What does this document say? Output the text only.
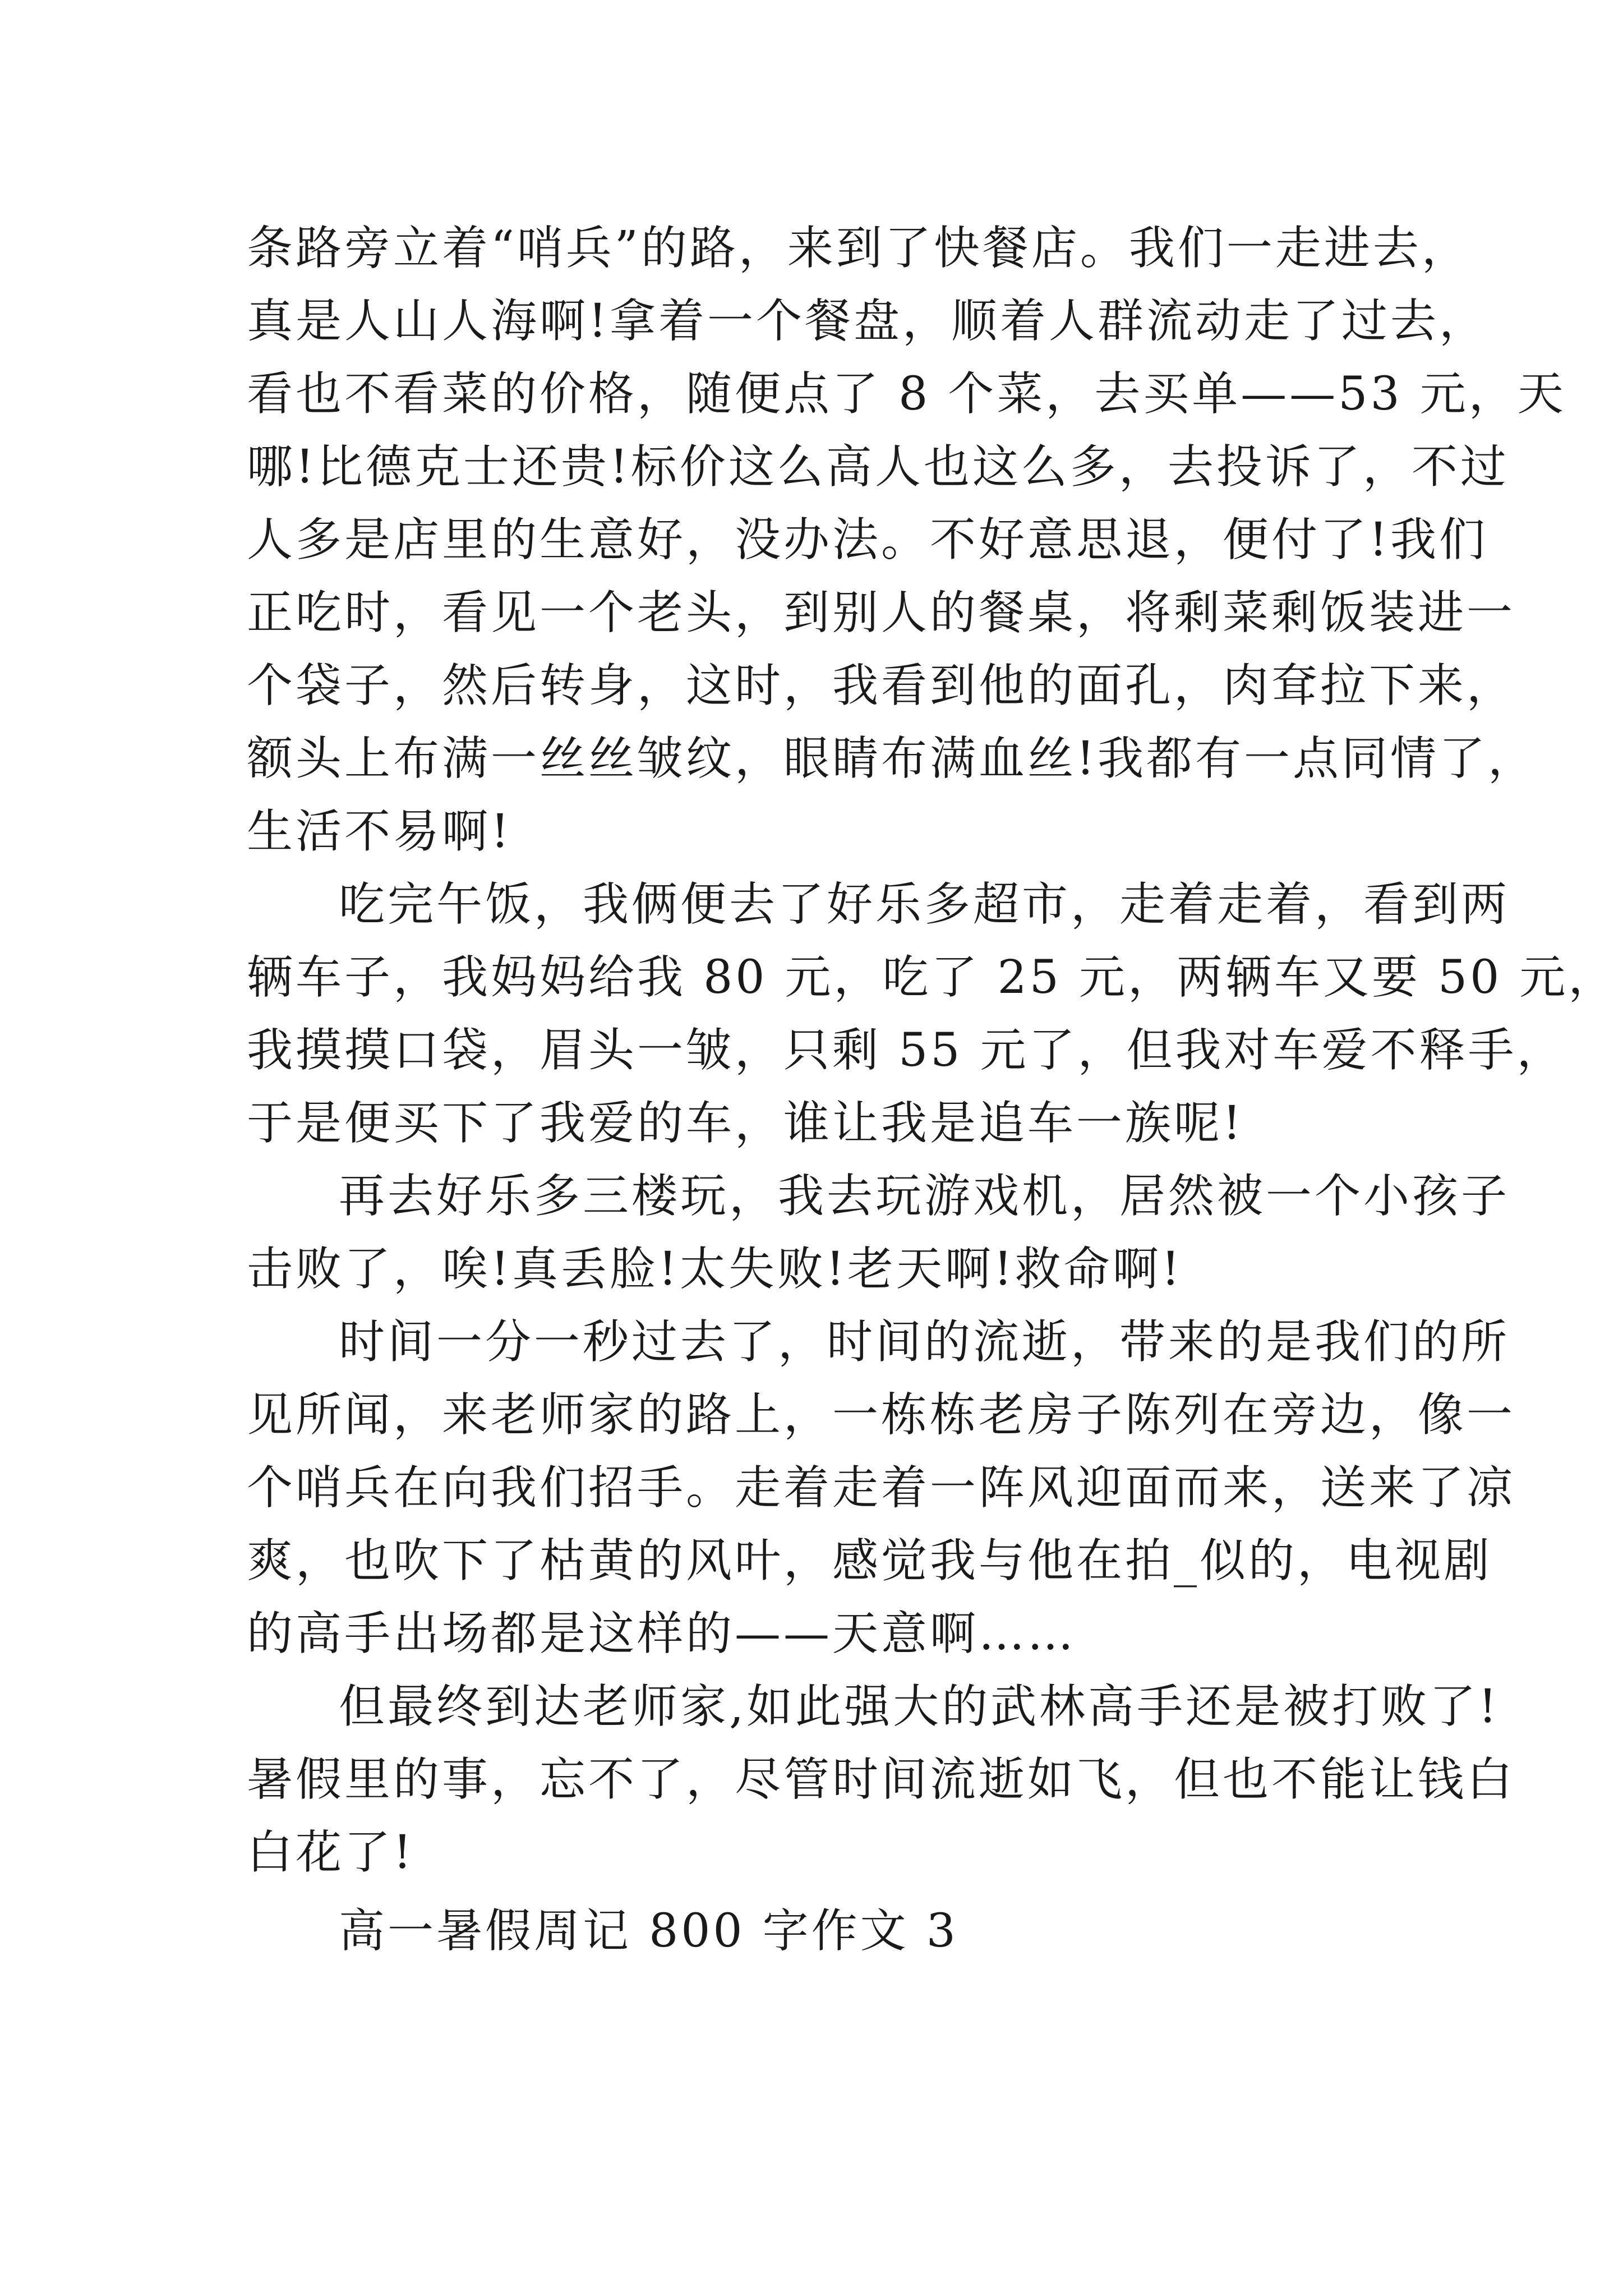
条路旁立着“哨兵”的路，来到了快餐店。我们一走进去，
真是人山人海啊!拿着一个餐盘，顺着人群流动走了过去，
看也不看菜的价格，随便点了 8 个菜，去买单——53 元，天
哪!比德克士还贵!标价这么高人也这么多，去投诉了，不过
人多是店里的生意好，没办法。不好意思退，便付了!我们
正吃时，看见一个老头，到别人的餐桌，将剩菜剩饭装进一
个袋子，然后转身，这时，我看到他的面孔，肉耷拉下来，
额头上布满一丝丝皱纹，眼睛布满血丝!我都有一点同情了，
生活不易啊!
吃完午饭，我俩便去了好乐多超市，走着走着，看到两
辆车子，我妈妈给我 80 元，吃了 25 元，两辆车又要 50 元，
我摸摸口袋，眉头一皱，只剩 55 元了，但我对车爱不释手，
于是便买下了我爱的车，谁让我是追车一族呢!
再去好乐多三楼玩，我去玩游戏机，居然被一个小孩子
击败了，唉!真丢脸!太失败!老天啊!救命啊!
时间一分一秒过去了，时间的流逝，带来的是我们的所
见所闻，来老师家的路上，一栋栋老房子陈列在旁边，像一
个哨兵在向我们招手。走着走着一阵风迎面而来，送来了凉
爽，也吹下了枯黄的风叶，感觉我与他在拍_似的，电视剧
的高手出场都是这样的——天意啊……
但最终到达老师家,如此强大的武林高手还是被打败了!
暑假里的事，忘不了，尽管时间流逝如飞，但也不能让钱白
白花了!
高一暑假周记 800 字作文 3
